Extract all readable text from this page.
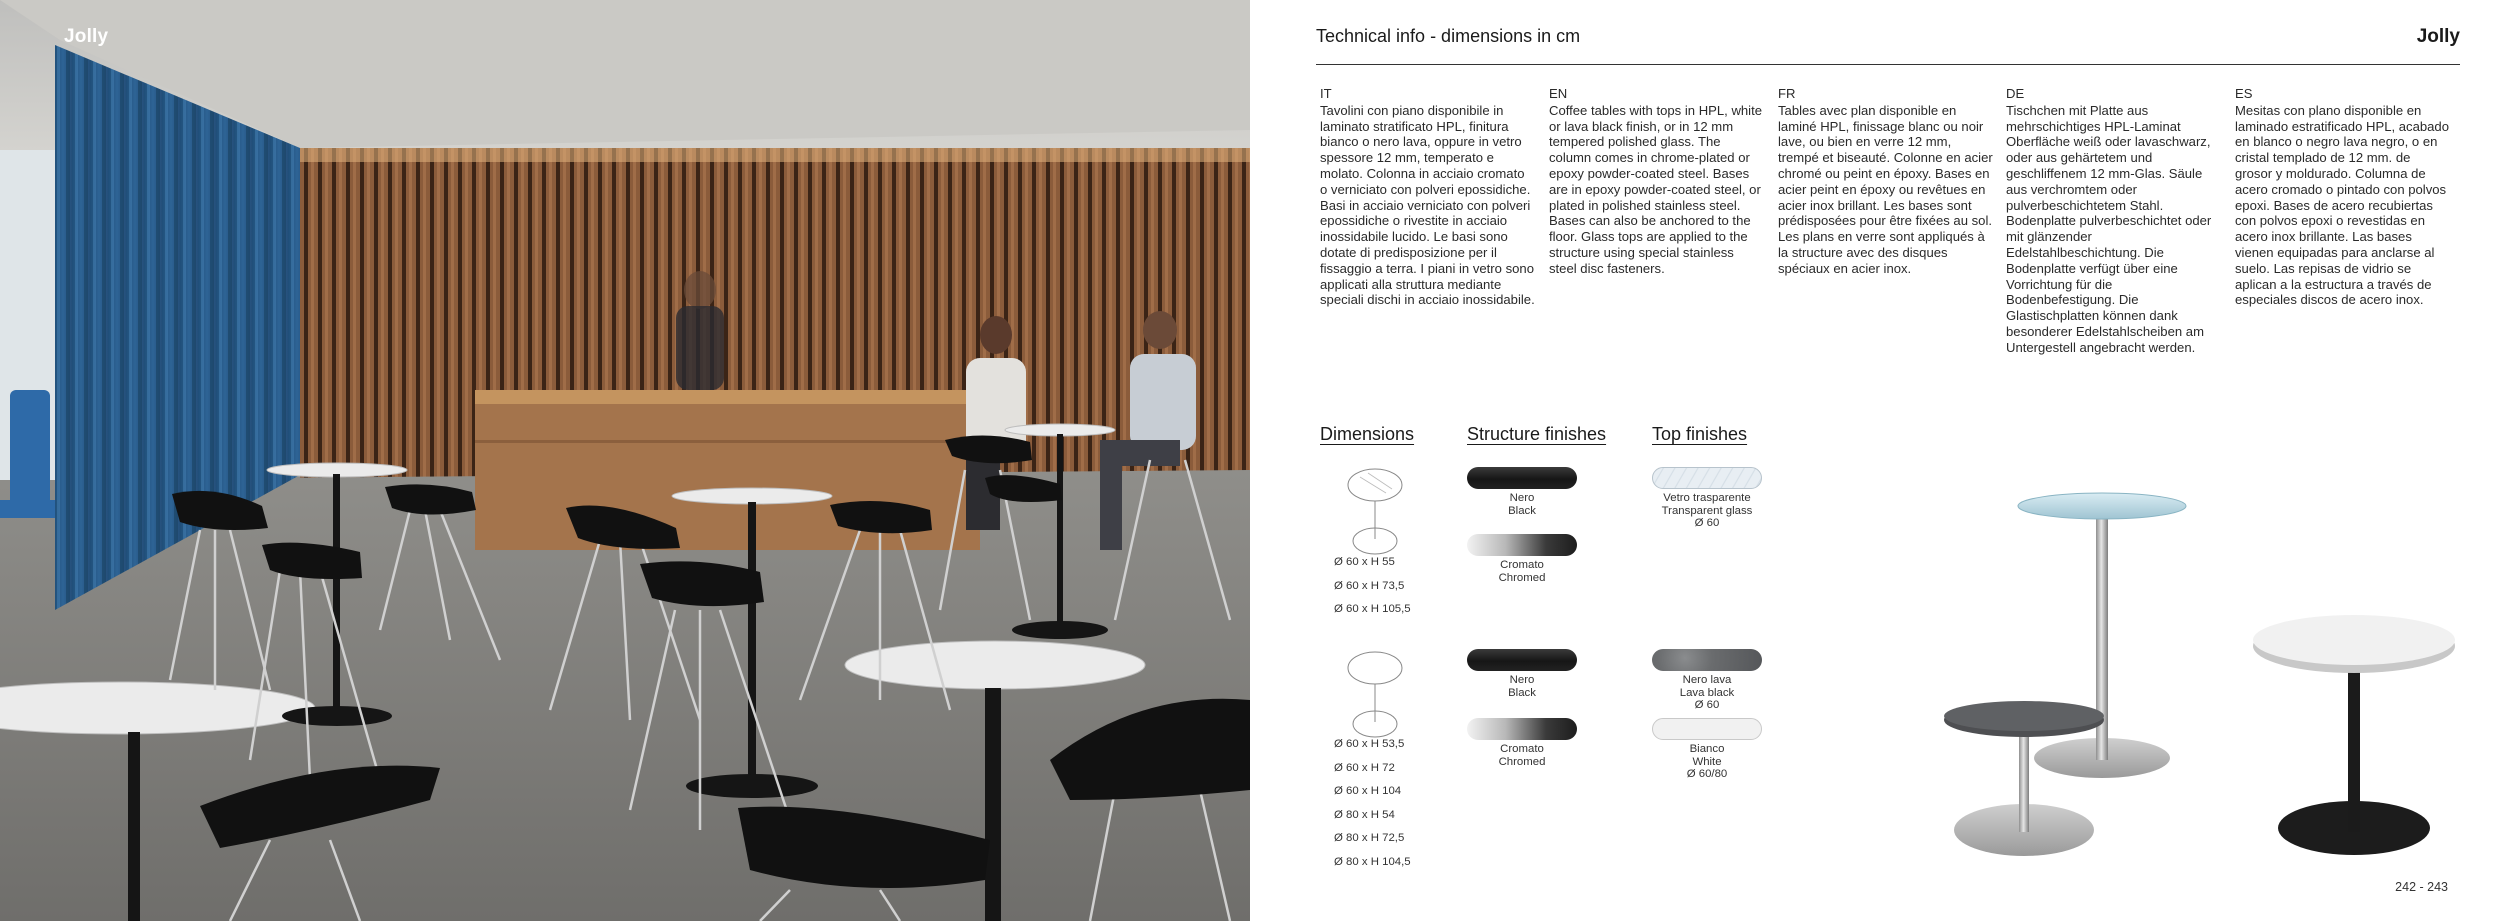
Jolly	Technical info - dimensions in cm	Jolly
IT
Tavolini con piano disponibile in laminato stratificato HPL, finitura bianco o nero lava, oppure in vetro spessore 12 mm, temperato e molato. Colonna in acciaio cromato o verniciato con polveri epossidiche. Basi in acciaio verniciato con polveri epossidiche o rivestite in acciaio inossidabile lucido. Le basi sono dotate di predisposizione per il fissaggio a terra. I piani in vetro sono applicati alla struttura mediante speciali dischi in acciaio inossidabile.
EN
Coffee tables with tops in HPL, white or lava black finish, or in 12 mm tempered polished glass. The column comes in chrome-plated or epoxy powder-coated steel. Bases are in epoxy powder-coated steel, or plated in polished stainless steel. Bases can also be anchored to the floor. Glass tops are applied to the structure using special stainless steel disc fasteners.
FR
Tables avec plan disponible en laminé HPL, finissage blanc ou noir lave, ou bien en verre 12 mm, trempé et biseauté. Colonne en acier chromé ou peint en époxy. Bases en acier peint en époxy ou revêtues en acier inox brillant. Les bases sont prédisposées pour être fixées au sol. Les plans en verre sont appliqués à la structure avec des disques spéciaux en acier inox.
DE
Tischchen mit Platte aus mehrschichtiges HPL-Laminat Oberfläche weiß oder lavaschwarz, oder aus gehärtetem und geschliffenem 12 mm-Glas. Säule aus verchromtem oder pulverbeschichtetem Stahl. Bodenplatte pulverbeschichtet oder mit glänzender Edelstahlbeschichtung. Die Bodenplatte verfügt über eine Vorrichtung für die Bodenbefestigung. Die Glastischplatten können dank besonderer Edelstahlscheiben am Untergestell angebracht werden.
ES
Mesitas con plano disponible en laminado estratificado HPL, acabado en blanco o negro lava negro, o en cristal templado de 12 mm. de grosor y moldurado. Columna de acero cromado o pintado con polvos epoxi. Bases de acero recubiertas con polvos epoxi o revestidas en acero inox brillante. Las bases vienen equipadas para anclarse al suelo. Las repisas de vidrio se aplican a la estructura a través de especiales discos de acero inox.
Dimensions	Structure finishes	Top finishes
Ø 60 x H 55
Ø 60 x H 73,5
Ø 60 x H 105,5
Ø 60 x H 53,5
Ø 60 x H 72
Ø 60 x H 104
Ø 80 x H 54
Ø 80 x H 72,5
Ø 80 x H 104,5
Nero
Black
Cromato
Chromed
Vetro trasparente
Transparent glass
Ø 60
Nero
Black
Cromato
Chromed
Nero lava
Lava black
Ø 60
Bianco
White
Ø 60/80
242 - 243
